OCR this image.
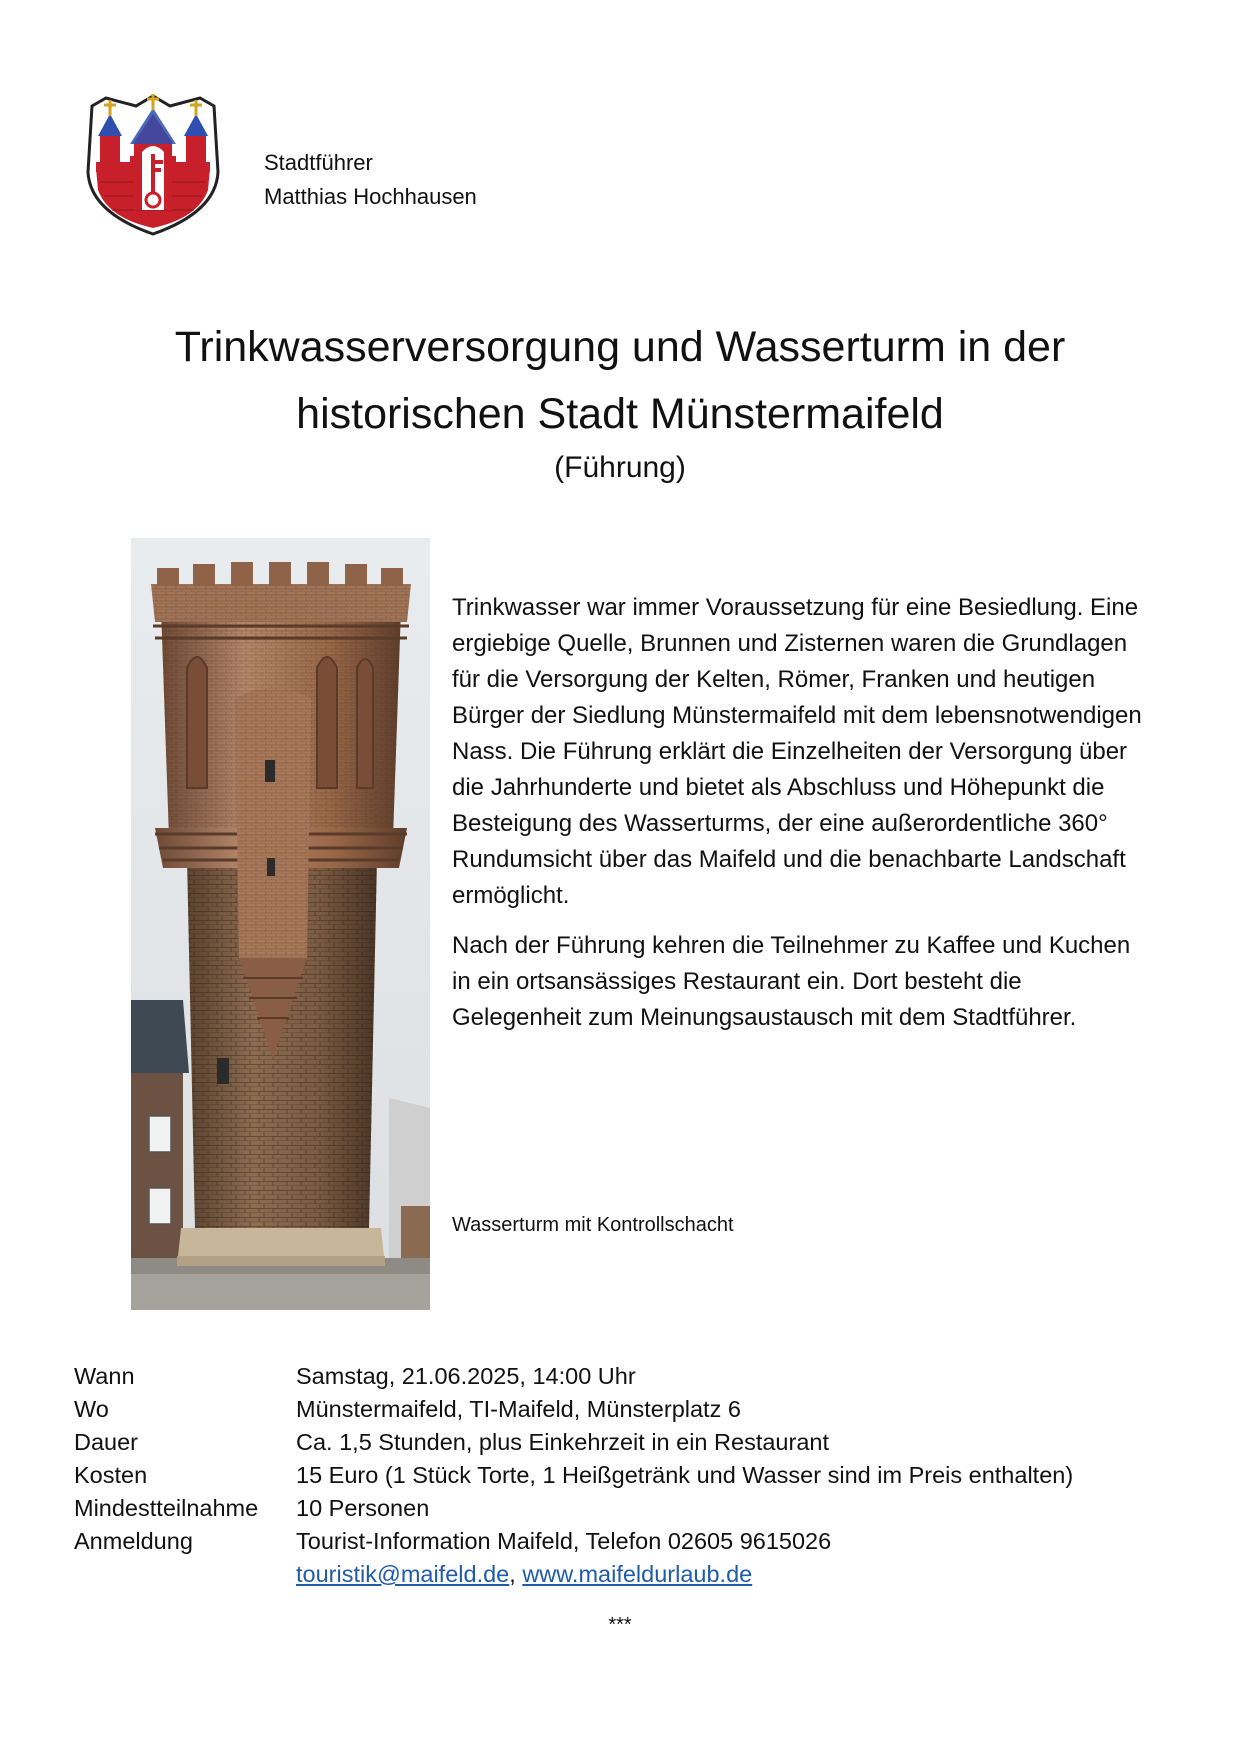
Stadtführer
Matthias Hochhausen
Trinkwasserversorgung und Wasserturm in der
historischen Stadt Münstermaifeld
(Führung)

Trinkwasser war immer Voraussetzung für eine Besiedlung. Eine ergiebige Quelle, Brunnen und Zisternen waren die Grundlagen für die Versorgung der Kelten, Römer, Franken und heutigen Bürger der Siedlung Münstermaifeld mit dem lebensnotwendigen Nass. Die Führung erklärt die Einzelheiten der Versorgung über die Jahrhunderte und bietet als Abschluss und Höhepunkt die Besteigung des Wasserturms, der eine außerordentliche 360° Rundumsicht über das Maifeld und die benachbarte Landschaft ermöglicht.

Nach der Führung kehren die Teilnehmer zu Kaffee und Kuchen in ein ortsansässiges Restaurant ein. Dort besteht die Gelegenheit zum Meinungsaustausch mit dem Stadtführer.

Wasserturm mit Kontrollschacht
Wann	Samstag, 21.06.2025, 14:00 Uhr
Wo	Münstermaifeld, TI-Maifeld, Münsterplatz 6
Dauer	Ca. 1,5 Stunden, plus Einkehrzeit in ein Restaurant
Kosten	15 Euro (1 Stück Torte, 1 Heißgetränk und Wasser sind im Preis enthalten)
Mindestteilnahme	10 Personen
Anmeldung	Tourist-Information Maifeld, Telefon 02605 9615026
	touristik@maifeld.de, www.maifeldurlaub.de
***
